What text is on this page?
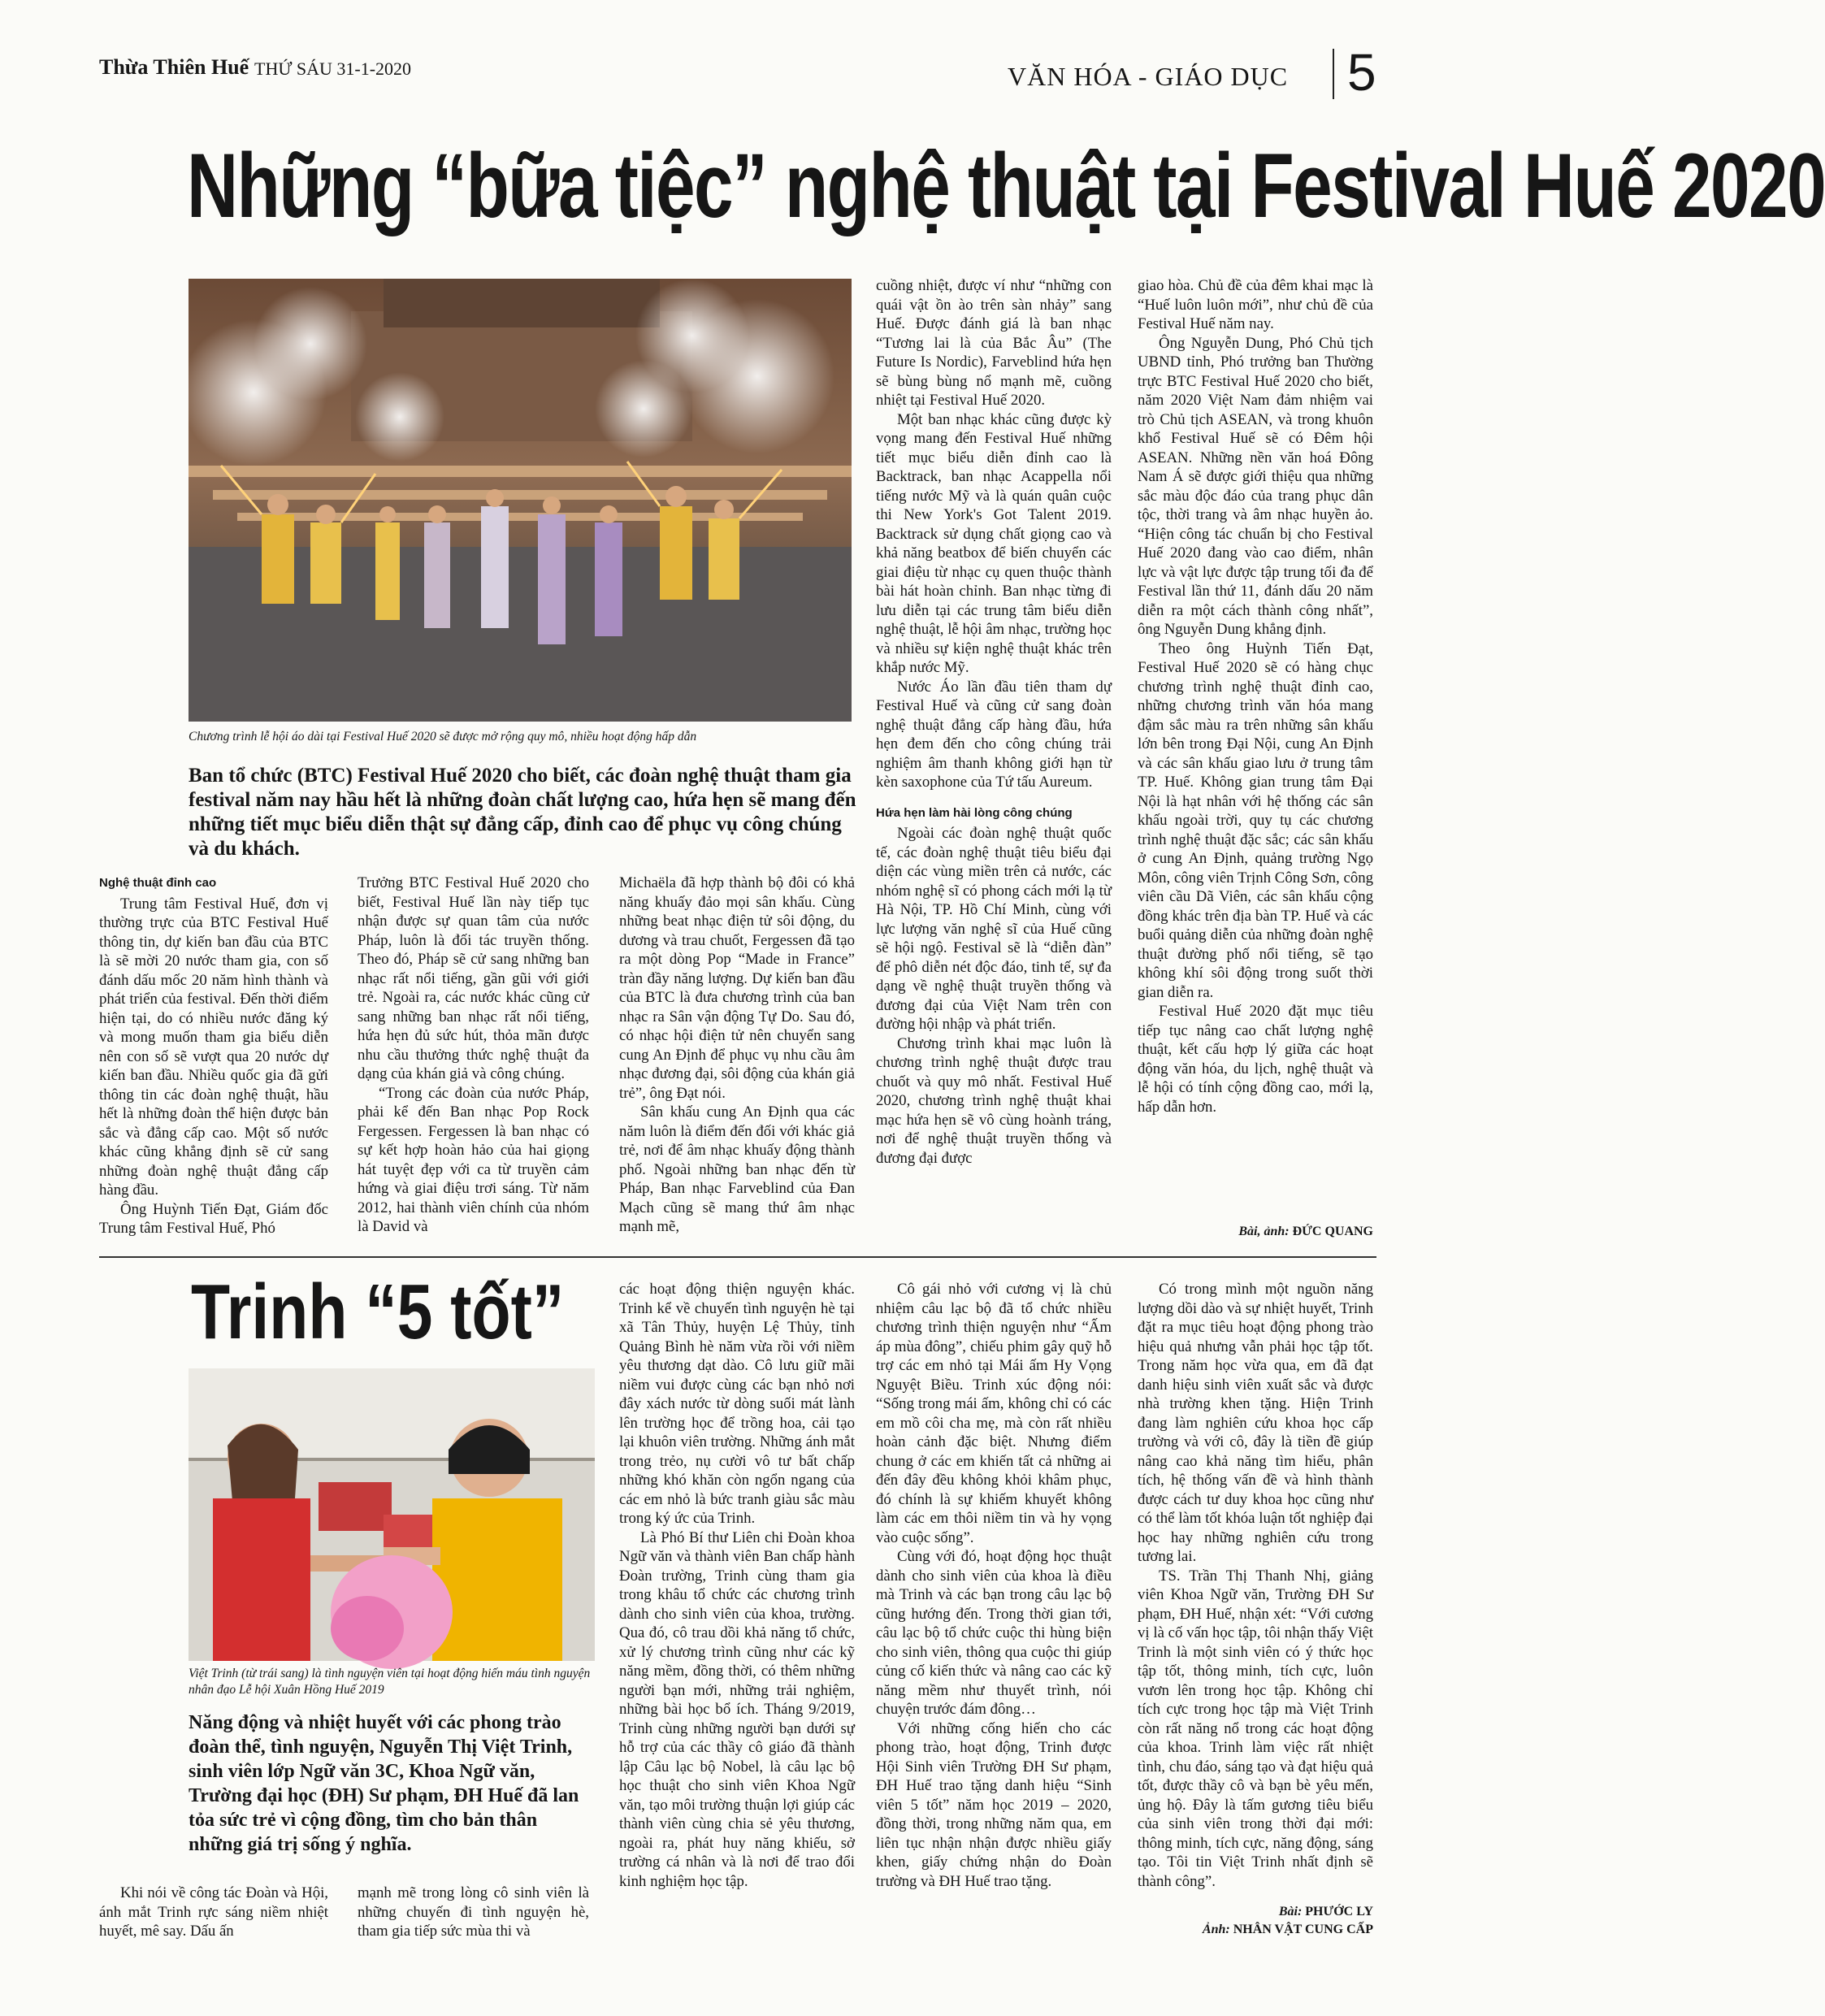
Thừa Thiên Huế THỨ SÁU 31-1-2020	VĂN HÓA - GIÁO DỤC 5
Những “bữa tiệc” nghệ thuật tại Festival Huế 2020
Chương trình lễ hội áo dài tại Festival Huế 2020 sẽ được mở rộng quy mô, nhiều hoạt động hấp dẫn
Ban tổ chức (BTC) Festival Huế 2020 cho biết, các đoàn nghệ thuật tham gia festival năm nay hầu hết là những đoàn chất lượng cao, hứa hẹn sẽ mang đến những tiết mục biểu diễn thật sự đẳng cấp, đỉnh cao để phục vụ công chúng và du khách.
Nghệ thuật đỉnh cao

Trung tâm Festival Huế, đơn vị thường trực của BTC Festival Huế thông tin, dự kiến ban đầu của BTC là sẽ mời 20 nước tham gia, con số đánh dấu mốc 20 năm hình thành và phát triển của festival. Đến thời điểm hiện tại, do có nhiều nước đăng ký và mong muốn tham gia biểu diễn nên con số sẽ vượt qua 20 nước dự kiến ban đầu. Nhiều quốc gia đã gửi thông tin các đoàn nghệ thuật, hầu hết là những đoàn thể hiện được bản sắc và đẳng cấp cao. Một số nước khác cũng khẳng định sẽ cử sang những đoàn nghệ thuật đẳng cấp hàng đầu.

Ông Huỳnh Tiến Đạt, Giám đốc Trung tâm Festival Huế, Phó

Trưởng BTC Festival Huế 2020 cho biết, Festival Huế lần này tiếp tục nhận được sự quan tâm của nước Pháp, luôn là đối tác truyền thống. Theo đó, Pháp sẽ cử sang những ban nhạc rất nổi tiếng, gần gũi với giới trẻ. Ngoài ra, các nước khác cũng cử sang những ban nhạc rất nổi tiếng, hứa hẹn đủ sức hút, thỏa mãn được nhu cầu thưởng thức nghệ thuật đa dạng của khán giả và công chúng.

“Trong các đoàn của nước Pháp, phải kể đến Ban nhạc Pop Rock Fergessen. Fergessen là ban nhạc có sự kết hợp hoàn hảo của hai giọng hát tuyệt đẹp với ca từ truyền cảm hứng và giai điệu trơi sáng. Từ năm 2012, hai thành viên chính của nhóm là David và

Michaëla đã hợp thành bộ đôi có khả năng khuấy đảo mọi sân khấu. Cùng những beat nhạc điện tử sôi động, du dương và trau chuốt, Fergessen đã tạo ra một dòng Pop “Made in France” tràn đầy năng lượng. Dự kiến ban đầu của BTC là đưa chương trình của ban nhạc ra Sân vận động Tự Do. Sau đó, có nhạc hội điện tử nên chuyển sang cung An Định để phục vụ nhu cầu âm nhạc đương đại, sôi động của khán giả trẻ”, ông Đạt nói.

Sân khấu cung An Định qua các năm luôn là điểm đến đối với khác giả trẻ, nơi để âm nhạc khuấy động thành phố. Ngoài những ban nhạc đến từ Pháp, Ban nhạc Farveblind của Đan Mạch cũng sẽ mang thứ âm nhạc mạnh mẽ,

cuồng nhiệt, được ví như “những con quái vật ồn ào trên sàn nhảy” sang Huế. Được đánh giá là ban nhạc “Tương lai là của Bắc Âu” (The Future Is Nordic), Farveblind hứa hẹn sẽ bùng bùng nổ mạnh mẽ, cuồng nhiệt tại Festival Huế 2020.

Một ban nhạc khác cũng được kỳ vọng mang đến Festival Huế những tiết mục biểu diễn đỉnh cao là Backtrack, ban nhạc Acappella nổi tiếng nước Mỹ và là quán quân cuộc thi New York's Got Talent 2019. Backtrack sử dụng chất giọng cao và khả năng beatbox để biến chuyển các giai điệu từ nhạc cụ quen thuộc thành bài hát hoàn chỉnh. Ban nhạc từng đi lưu diễn tại các trung tâm biểu diễn nghệ thuật, lễ hội âm nhạc, trường học và nhiều sự kiện nghệ thuật khác trên khắp nước Mỹ.

Nước Áo lần đầu tiên tham dự Festival Huế và cũng cử sang đoàn nghệ thuật đẳng cấp hàng đầu, hứa hẹn đem đến cho công chúng trải nghiệm âm thanh không giới hạn từ kèn saxophone của Tứ tấu Aureum.

Hứa hẹn làm hài lòng công chúng

Ngoài các đoàn nghệ thuật quốc tế, các đoàn nghệ thuật tiêu biểu đại diện các vùng miền trên cả nước, các nhóm nghệ sĩ có phong cách mới lạ từ Hà Nội, TP. Hồ Chí Minh, cùng với lực lượng văn nghệ sĩ của Huế cũng sẽ hội ngộ. Festival sẽ là “diễn đàn” để phô diễn nét độc đáo, tinh tế, sự đa dạng về nghệ thuật truyền thống và đương đại của Việt Nam trên con đường hội nhập và phát triển.

Chương trình khai mạc luôn là chương trình nghệ thuật được trau chuốt và quy mô nhất. Festival Huế 2020, chương trình nghệ thuật khai mạc hứa hẹn sẽ vô cùng hoành tráng, nơi để nghệ thuật truyền thống và đương đại được

giao hòa. Chủ đề của đêm khai mạc là “Huế luôn luôn mới”, như chủ đề của Festival Huế năm nay.

Ông Nguyễn Dung, Phó Chủ tịch UBND tỉnh, Phó trưởng ban Thường trực BTC Festival Huế 2020 cho biết, năm 2020 Việt Nam đảm nhiệm vai trò Chủ tịch ASEAN, và trong khuôn khổ Festival Huế sẽ có Đêm hội ASEAN. Những nền văn hoá Đông Nam Á sẽ được giới thiệu qua những sắc màu độc đáo của trang phục dân tộc, thời trang và âm nhạc huyền ảo. “Hiện công tác chuẩn bị cho Festival Huế 2020 đang vào cao điểm, nhân lực và vật lực được tập trung tối đa để Festival lần thứ 11, đánh dấu 20 năm diễn ra một cách thành công nhất”, ông Nguyễn Dung khẳng định.

Theo ông Huỳnh Tiến Đạt, Festival Huế 2020 sẽ có hàng chục chương trình nghệ thuật đỉnh cao, những chương trình văn hóa mang đậm sắc màu ra trên những sân khấu lớn bên trong Đại Nội, cung An Định và các sân khấu giao lưu ở trung tâm TP. Huế. Không gian trung tâm Đại Nội là hạt nhân với hệ thống các sân khấu ngoài trời, quy tụ các chương trình nghệ thuật đặc sắc; các sân khấu ở cung An Định, quảng trường Ngọ Môn, công viên Trịnh Công Sơn, công viên cầu Dã Viên, các sân khấu cộng đồng khác trên địa bàn TP. Huế và các buổi quảng diễn của những đoàn nghệ thuật đường phố nổi tiếng, sẽ tạo không khí sôi động trong suốt thời gian diễn ra.

Festival Huế 2020 đặt mục tiêu tiếp tục nâng cao chất lượng nghệ thuật, kết cấu hợp lý giữa các hoạt động văn hóa, du lịch, nghệ thuật và lễ hội có tính cộng đồng cao, mới lạ, hấp dẫn hơn.

Bài, ảnh: ĐỨC QUANG
Trinh “5 tốt”
Việt Trinh (từ trái sang) là tình nguyện viên tại hoạt động hiến máu tình nguyện nhân đạo Lễ hội Xuân Hồng Huế 2019
Năng động và nhiệt huyết với các phong trào đoàn thể, tình nguyện, Nguyễn Thị Việt Trinh, sinh viên lớp Ngữ văn 3C, Khoa Ngữ văn, Trường đại học (ĐH) Sư phạm, ĐH Huế đã lan tỏa sức trẻ vì cộng đồng, tìm cho bản thân những giá trị sống ý nghĩa.

Khi nói về công tác Đoàn và Hội, ánh mắt Trinh rực sáng niềm nhiệt huyết, mê say. Dấu ấn

mạnh mẽ trong lòng cô sinh viên là những chuyến đi tình nguyện hè, tham gia tiếp sức mùa thi và

các hoạt động thiện nguyện khác. Trinh kể về chuyến tình nguyện hè tại xã Tân Thủy, huyện Lệ Thủy, tỉnh Quảng Bình hè năm vừa rồi với niềm yêu thương dạt dào. Cô lưu giữ mãi niềm vui được cùng các bạn nhỏ nơi đây xách nước từ dòng suối mát lành lên trường học để trồng hoa, cải tạo lại khuôn viên trường. Những ánh mắt trong trẻo, nụ cười vô tư bất chấp những khó khăn còn ngổn ngang của các em nhỏ là bức tranh giàu sắc màu trong ký ức của Trinh.

Là Phó Bí thư Liên chi Đoàn khoa Ngữ văn và thành viên Ban chấp hành Đoàn trường, Trinh cùng tham gia trong khâu tổ chức các chương trình dành cho sinh viên của khoa, trường. Qua đó, cô trau dồi khả năng tổ chức, xử lý chương trình cũng như các kỹ năng mềm, đồng thời, có thêm những người bạn mới, những trải nghiệm, những bài học bổ ích. Tháng 9/2019, Trinh cùng những người bạn dưới sự hỗ trợ của các thầy cô giáo đã thành lập Câu lạc bộ Nobel, là câu lạc bộ học thuật cho sinh viên Khoa Ngữ văn, tạo môi trường thuận lợi giúp các thành viên cùng chia sẻ yêu thương, ngoài ra, phát huy năng khiếu, sở trường cá nhân và là nơi để trao đổi kinh nghiệm học tập.

Cô gái nhỏ với cương vị là chủ nhiệm câu lạc bộ đã tổ chức nhiều chương trình thiện nguyện như “Ấm áp mùa đông”, chiếu phim gây quỹ hỗ trợ các em nhỏ tại Mái ấm Hy Vọng Nguyệt Biều. Trinh xúc động nói: “Sống trong mái ấm, không chỉ có các em mồ côi cha mẹ, mà còn rất nhiều hoàn cảnh đặc biệt. Nhưng điểm chung ở các em khiến tất cả những ai đến đây đều không khỏi khâm phục, đó chính là sự khiếm khuyết không làm các em thôi niềm tin và hy vọng vào cuộc sống”.

Cùng với đó, hoạt động học thuật dành cho sinh viên của khoa là điều mà Trinh và các bạn trong câu lạc bộ cũng hướng đến. Trong thời gian tới, câu lạc bộ tổ chức cuộc thi hùng biện cho sinh viên, thông qua cuộc thi giúp củng cố kiến thức và nâng cao các kỹ năng mềm như thuyết trình, nói chuyện trước đám đông…

Với những cống hiến cho các phong trào, hoạt động, Trinh được Hội Sinh viên Trường ĐH Sư phạm, ĐH Huế trao tặng danh hiệu “Sinh viên 5 tốt” năm học 2019 – 2020, đồng thời, trong những năm qua, em liên tục nhận nhận được nhiều giấy khen, giấy chứng nhận do Đoàn trường và ĐH Huế trao tặng.

Có trong mình một nguồn năng lượng dồi dào và sự nhiệt huyết, Trinh đặt ra mục tiêu hoạt động phong trào hiệu quả nhưng vẫn phải học tập tốt. Trong năm học vừa qua, em đã đạt danh hiệu sinh viên xuất sắc và được nhà trường khen tặng. Hiện Trinh đang làm nghiên cứu khoa học cấp trường và với cô, đây là tiền đề giúp nâng cao khả năng tìm hiểu, phân tích, hệ thống vấn đề và hình thành được cách tư duy khoa học cũng như có thể làm tốt khóa luận tốt nghiệp đại học hay những nghiên cứu trong tương lai.

TS. Trần Thị Thanh Nhị, giảng viên Khoa Ngữ văn, Trường ĐH Sư phạm, ĐH Huế, nhận xét: “Với cương vị là cố vấn học tập, tôi nhận thấy Việt Trinh là một sinh viên có ý thức học tập tốt, thông minh, tích cực, luôn vươn lên trong học tập. Không chỉ tích cực trong học tập mà Việt Trinh còn rất năng nổ trong các hoạt động của khoa. Trinh làm việc rất nhiệt tình, chu đáo, sáng tạo và đạt hiệu quả tốt, được thầy cô và bạn bè yêu mến, ủng hộ. Đây là tấm gương tiêu biểu của sinh viên trong thời đại mới: thông minh, tích cực, năng động, sáng tạo. Tôi tin Việt Trinh nhất định sẽ thành công”.

Bài: PHƯỚC LY
Ảnh: NHÂN VẬT CUNG CẤP
